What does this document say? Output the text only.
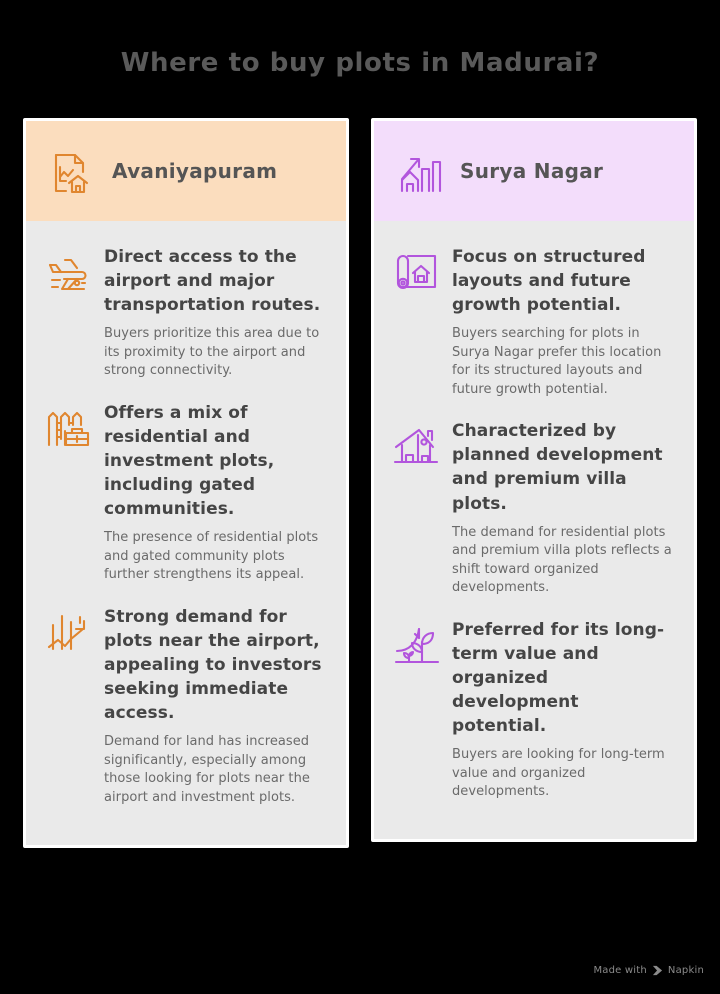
Where to buy plots in Madurai?
Avaniyapuram
Direct access to the airport and major transportation routes.
Buyers prioritize this area due to its proximity to the airport and strong connectivity.
Offers a mix of residential and investment plots, including gated communities.
The presence of residential plots and gated community plots further strengthens its appeal.
Strong demand for plots near the airport, appealing to investors seeking immediate access.
Demand for land has increased significantly, especially among those looking for plots near the airport and investment plots.
Surya Nagar
Focus on structured layouts and future growth potential.
Buyers searching for plots in Surya Nagar prefer this location for its structured layouts and future growth potential.
Characterized by planned development and premium villa plots.
The demand for residential plots and premium villa plots reflects a shift toward organized developments.
Preferred for its long-term value and organized development potential.
Buyers are looking for long-term value and organized developments.
Made with Napkin
